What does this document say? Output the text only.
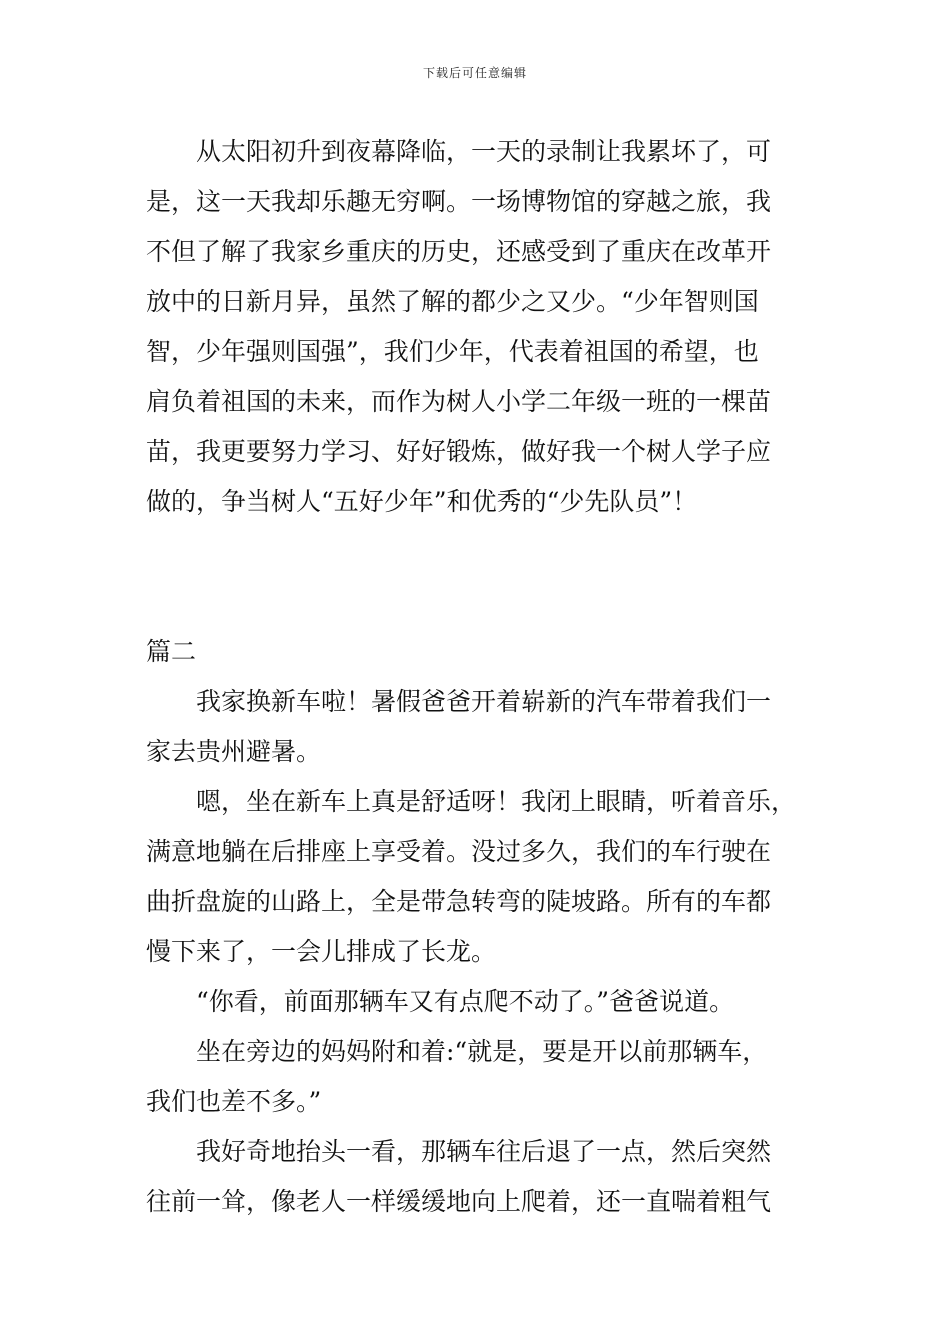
下载后可任意编辑
从太阳初升到夜幕降临，一天的录制让我累坏了，可
是，这一天我却乐趣无穷啊。一场博物馆的穿越之旅，我
不但了解了我家乡重庆的历史，还感受到了重庆在改革开
放中的日新月异，虽然了解的都少之又少。“少年智则国
智，少年强则国强”，我们少年，代表着祖国的希望，也
肩负着祖国的未来，而作为树人小学二年级一班的一棵苗
苗，我更要努力学习、好好锻炼，做好我一个树人学子应
做的，争当树人“五好少年”和优秀的“少先队员”！
篇二
我家换新车啦！暑假爸爸开着崭新的汽车带着我们一
家去贵州避暑。
嗯，坐在新车上真是舒适呀！我闭上眼睛，听着音乐，
满意地躺在后排座上享受着。没过多久，我们的车行驶在
曲折盘旋的山路上，全是带急转弯的陡坡路。所有的车都
慢下来了，一会儿排成了长龙。
“你看，前面那辆车又有点爬不动了。”爸爸说道。
坐在旁边的妈妈附和着:“就是，要是开以前那辆车，
我们也差不多。”
我好奇地抬头一看，那辆车往后退了一点，然后突然
往前一耸，像老人一样缓缓地向上爬着，还一直喘着粗气
